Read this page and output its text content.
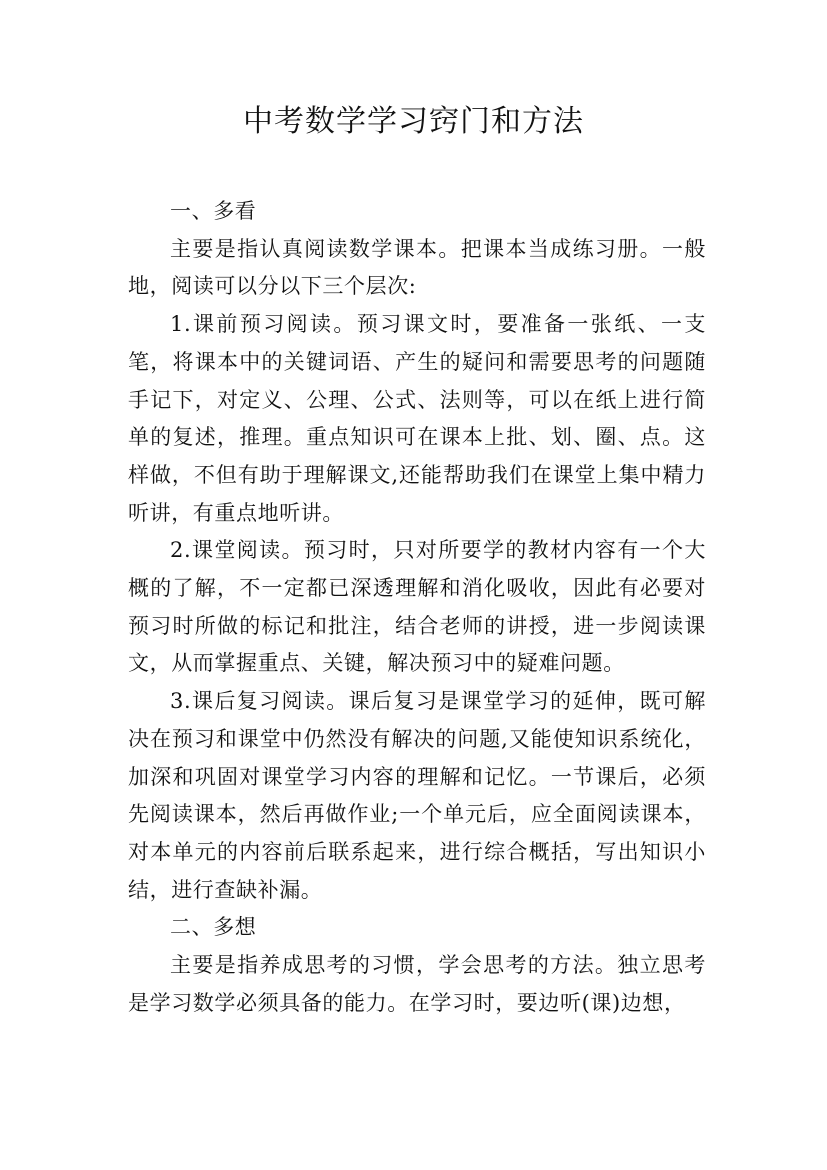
中考数学学习窍门和方法

一、多看

主要是指认真阅读数学课本。把课本当成练习册。一般地，阅读可以分以下三个层次:

1.课前预习阅读。预习课文时，要准备一张纸、一支笔，将课本中的关键词语、产生的疑问和需要思考的问题随手记下，对定义、公理、公式、法则等，可以在纸上进行简单的复述，推理。重点知识可在课本上批、划、圈、点。这样做，不但有助于理解课文,还能帮助我们在课堂上集中精力听讲，有重点地听讲。

2.课堂阅读。预习时，只对所要学的教材内容有一个大概的了解，不一定都已深透理解和消化吸收，因此有必要对预习时所做的标记和批注，结合老师的讲授，进一步阅读课文，从而掌握重点、关键，解决预习中的疑难问题。

3.课后复习阅读。课后复习是课堂学习的延伸，既可解决在预习和课堂中仍然没有解决的问题,又能使知识系统化，加深和巩固对课堂学习内容的理解和记忆。一节课后，必须先阅读课本，然后再做作业;一个单元后，应全面阅读课本，对本单元的内容前后联系起来，进行综合概括，写出知识小结，进行查缺补漏。

二、多想

主要是指养成思考的习惯，学会思考的方法。独立思考是学习数学必须具备的能力。在学习时，要边听(课)边想，
